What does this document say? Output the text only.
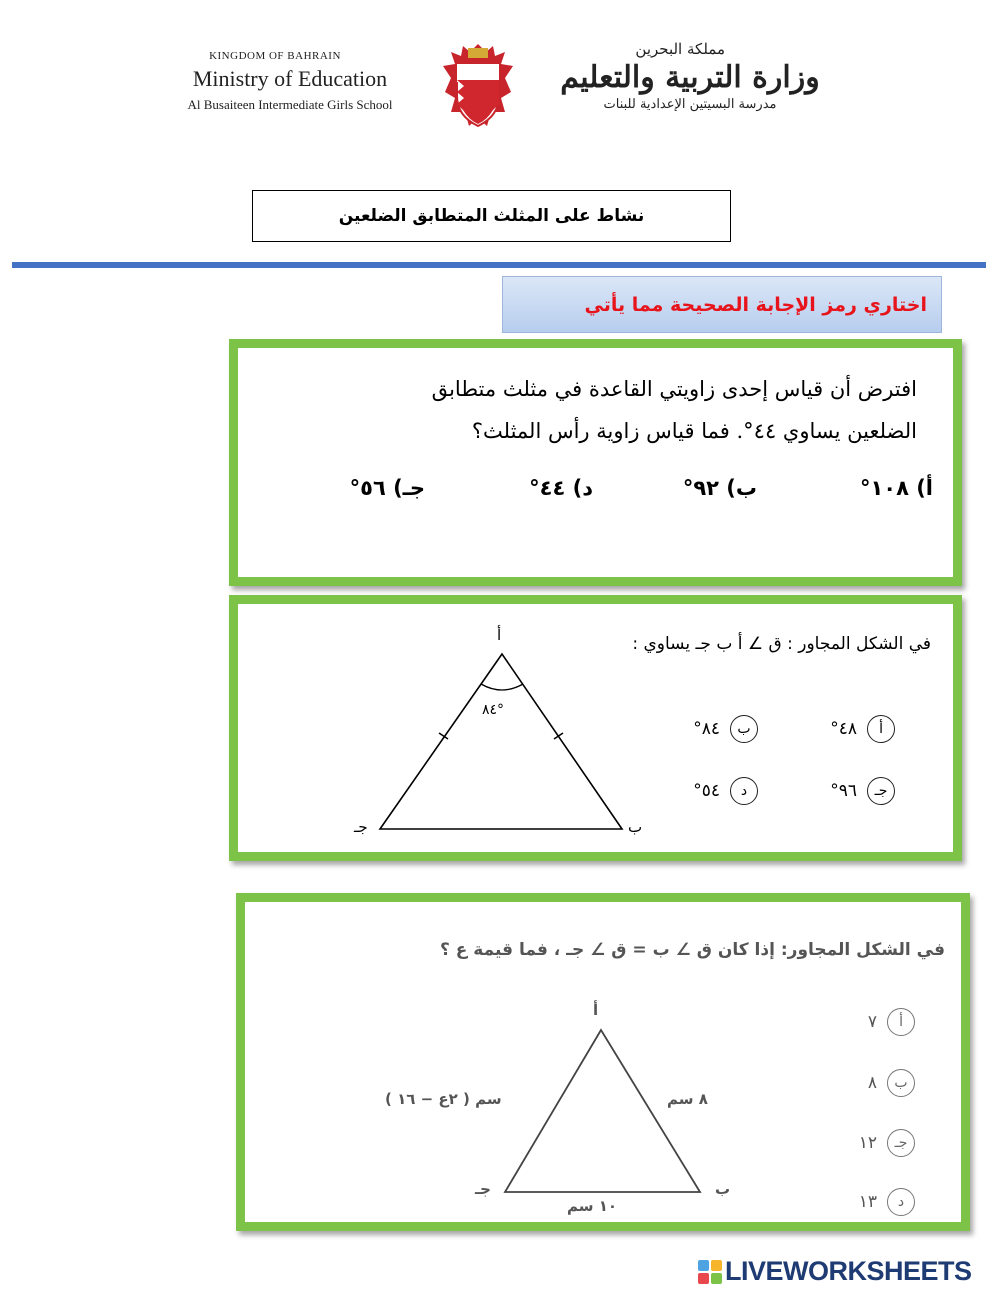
KINGDOM OF BAHRAIN
Ministry of Education
Al Busaiteen Intermediate Girls School
مملكة البحرين
وزارة التربية والتعليم
مدرسة البسيتين الإعدادية للبنات
نشاط على المثلث المتطابق الضلعين
اختاري رمز الإجابة الصحيحة مما يأتي
افترض أن قياس إحدى زاويتي القاعدة في مثلث متطابق
الضلعين يساوي ٤٤°. فما قياس زاوية رأس المثلث؟
أ) ١٠٨°
ب) ٩٢°
د) ٤٤°
جـ) ٥٦°
في الشكل المجاور : ق ∠ أ ب جـ يساوي :
أ
٨٤°
جـ	ب
أ
٤٨°
ب
٨٤°
جـ
٩٦°
د
٥٤°
في الشكل المجاور: إذا كان ق ∠ ب = ق ∠ جـ ، فما قيمة ع ؟
أ
جـ	ب
( ٢ع − ١٦ ) سم	٨ سم
١٠ سم
أ
٧
ب
٨
جـ
١٢
د
١٣
LIVEWORKSHEETS
